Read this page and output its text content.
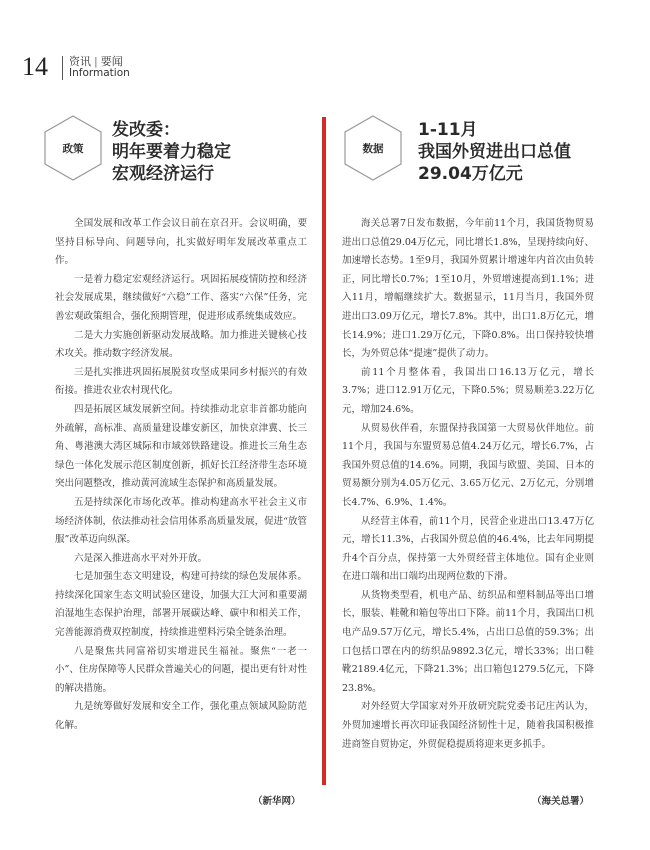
14 资讯 | 要闻
Information
政策
发改委：
明年要着力稳定
宏观经济运行

全国发展和改革工作会议日前在京召开。会议明确，要坚持目标导向、问题导向，扎实做好明年发展改革重点工作。

一是着力稳定宏观经济运行。巩固拓展疫情防控和经济社会发展成果，继续做好“六稳”工作、落实“六保”任务，完善宏观政策组合，强化预期管理，促进形成系统集成效应。

二是大力实施创新驱动发展战略。加力推进关键核心技术攻关。推动数字经济发展。

三是扎实推进巩固拓展脱贫攻坚成果同乡村振兴的有效衔接。推进农业农村现代化。

四是拓展区域发展新空间。持续推动北京非首都功能向外疏解，高标准、高质量建设雄安新区，加快京津冀、长三角、粤港澳大湾区城际和市域郊铁路建设。推进长三角生态绿色一体化发展示范区制度创新，抓好长江经济带生态环境突出问题整改，推动黄河流域生态保护和高质量发展。

五是持续深化市场化改革。推动构建高水平社会主义市场经济体制，依法推动社会信用体系高质量发展，促进“放管服”改革迈向纵深。

六是深入推进高水平对外开放。

七是加强生态文明建设，构建可持续的绿色发展体系。持续深化国家生态文明试验区建设，加强大江大河和重要湖泊湿地生态保护治理，部署开展碳达峰、碳中和相关工作，完善能源消费双控制度，持续推进塑料污染全链条治理。

八是聚焦共同富裕切实增进民生福祉。聚焦“一老一小”、住房保障等人民群众普遍关心的问题，提出更有针对性的解决措施。

九是统筹做好发展和安全工作，强化重点领域风险防范化解。

（新华网）
数据
1-11月
我国外贸进出口总值
29.04万亿元

海关总署7日发布数据，今年前11个月，我国货物贸易进出口总值29.04万亿元，同比增长1.8%，呈现持续向好、加速增长态势。1至9月，我国外贸累计增速年内首次由负转正，同比增长0.7%；1至10月，外贸增速提高到1.1%；进入11月，增幅继续扩大。数据显示，11月当月，我国外贸进出口3.09万亿元，增长7.8%。其中，出口1.8万亿元，增长14.9%；进口1.29万亿元，下降0.8%。出口保持较快增长，为外贸总体“提速”提供了动力。

前11个月整体看，我国出口16.13万亿元，增长3.7%；进口12.91万亿元，下降0.5%；贸易顺差3.22万亿元，增加24.6%。

从贸易伙伴看，东盟保持我国第一大贸易伙伴地位。前11个月，我国与东盟贸易总值4.24万亿元，增长6.7%，占我国外贸总值的14.6%。同期，我国与欧盟、美国、日本的贸易额分别为4.05万亿元、3.65万亿元、2万亿元，分别增长4.7%、6.9%、1.4%。

从经营主体看，前11个月，民营企业进出口13.47万亿元，增长11.3%，占我国外贸总值的46.4%，比去年同期提升4个百分点，保持第一大外贸经营主体地位。国有企业则在进口端和出口端均出现两位数的下滑。

从货物类型看，机电产品、纺织品和塑料制品等出口增长，服装、鞋靴和箱包等出口下降。前11个月，我国出口机电产品9.57万亿元，增长5.4%，占出口总值的59.3%；出口包括口罩在内的纺织品9892.3亿元，增长33%；出口鞋靴2189.4亿元，下降21.3%；出口箱包1279.5亿元，下降23.8%。

对外经贸大学国家对外开放研究院党委书记庄芮认为，外贸加速增长再次印证我国经济韧性十足，随着我国积极推进商签自贸协定，外贸促稳提质将迎来更多抓手。

（海关总署）
